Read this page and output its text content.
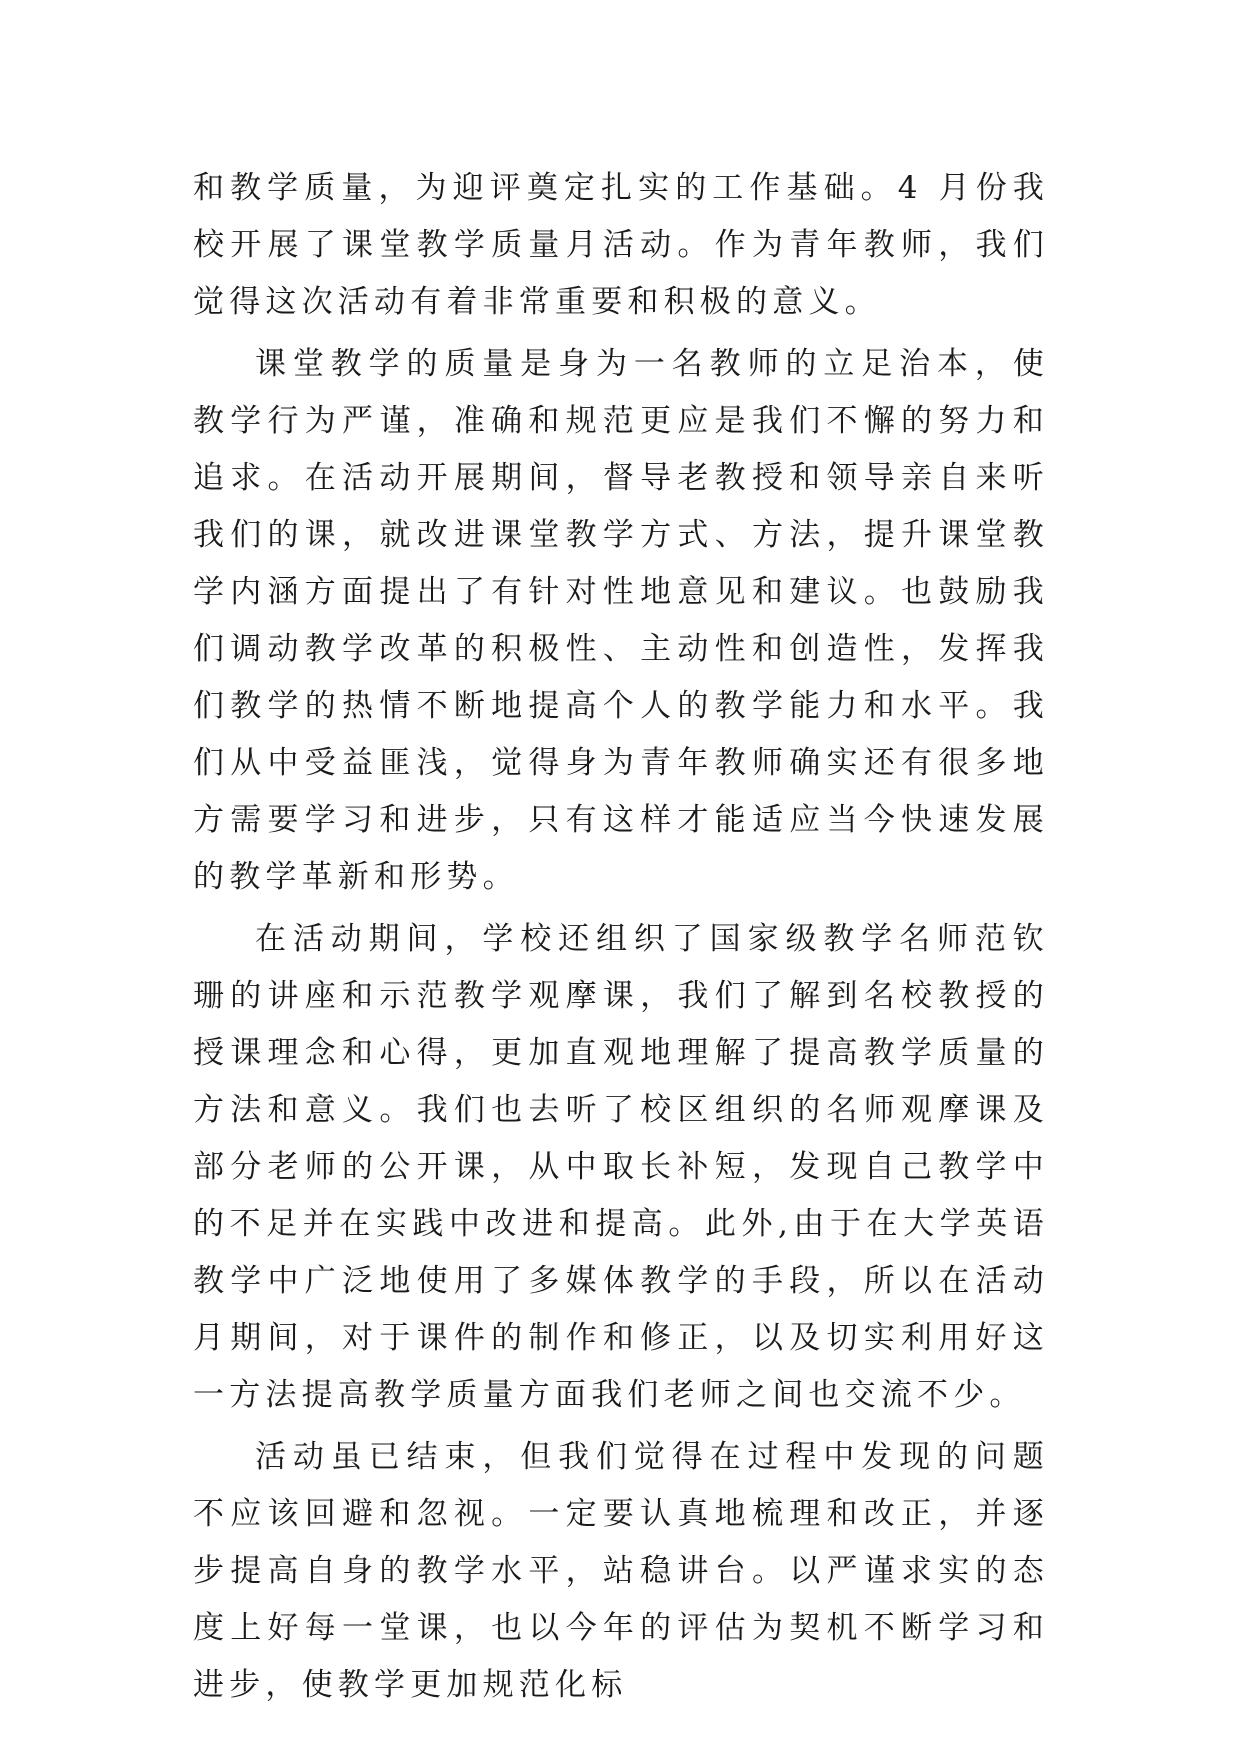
和教学质量，为迎评奠定扎实的工作基础。4 月份我校开展了课堂教学质量月活动。作为青年教师，我们觉得这次活动有着非常重要和积极的意义。

课堂教学的质量是身为一名教师的立足治本，使教学行为严谨，准确和规范更应是我们不懈的努力和追求。在活动开展期间，督导老教授和领导亲自来听我们的课，就改进课堂教学方式、方法，提升课堂教学内涵方面提出了有针对性地意见和建议。也鼓励我们调动教学改革的积极性、主动性和创造性，发挥我们教学的热情不断地提高个人的教学能力和水平。我们从中受益匪浅，觉得身为青年教师确实还有很多地方需要学习和进步，只有这样才能适应当今快速发展的教学革新和形势。

在活动期间，学校还组织了国家级教学名师范钦珊的讲座和示范教学观摩课，我们了解到名校教授的授课理念和心得，更加直观地理解了提高教学质量的方法和意义。我们也去听了校区组织的名师观摩课及部分老师的公开课，从中取长补短，发现自己教学中的不足并在实践中改进和提高。此外,由于在大学英语教学中广泛地使用了多媒体教学的手段，所以在活动月期间，对于课件的制作和修正，以及切实利用好这一方法提高教学质量方面我们老师之间也交流不少。

活动虽已结束，但我们觉得在过程中发现的问题不应该回避和忽视。一定要认真地梳理和改正，并逐步提高自身的教学水平，站稳讲台。以严谨求实的态度上好每一堂课，也以今年的评估为契机不断学习和进步，使教学更加规范化标
